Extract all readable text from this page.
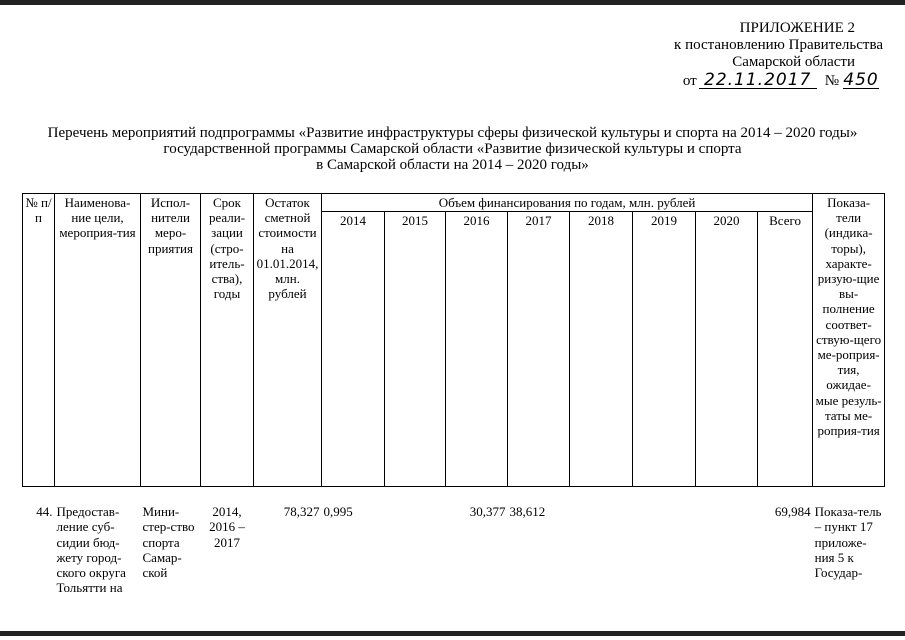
ПРИЛОЖЕНИЕ 2
к постановлению Правительства
Самарской области
от 22.11.2017 № 450
Перечень мероприятий подпрограммы «Развитие инфраструктуры сферы физической культуры и спорта на 2014 – 2020 годы»
государственной программы Самарской области «Развитие физической культуры и спорта
в Самарской области на 2014 – 2020 годы»
№ п/п	Наименова-ние цели, мероприя-тия	Испол-нители меро-приятия	Срок реали-зации (стро-итель-ства), годы	Остаток сметной стоимости на 01.01.2014, млн. рублей	Объем финансирования по годам, млн. рублей								Показа-тели (индика-торы), характе-ризую-щие вы-полнение соответ-ствую-щего ме-роприя-тия, ожидае-мые резуль-таты ме-роприя-тия
					2014	2015	2016	2017	2018	2019	2020	Всего	

44.	Предостав-ление суб-сидии бюд-жету город-ского округа Тольятти на	Мини-стер-ство спорта Самар-ской	2014, 2016 – 2017	78,327	0,995		30,377	38,612				69,984	Показа-тель – пункт 17 приложе-ния 5 к Государ-
